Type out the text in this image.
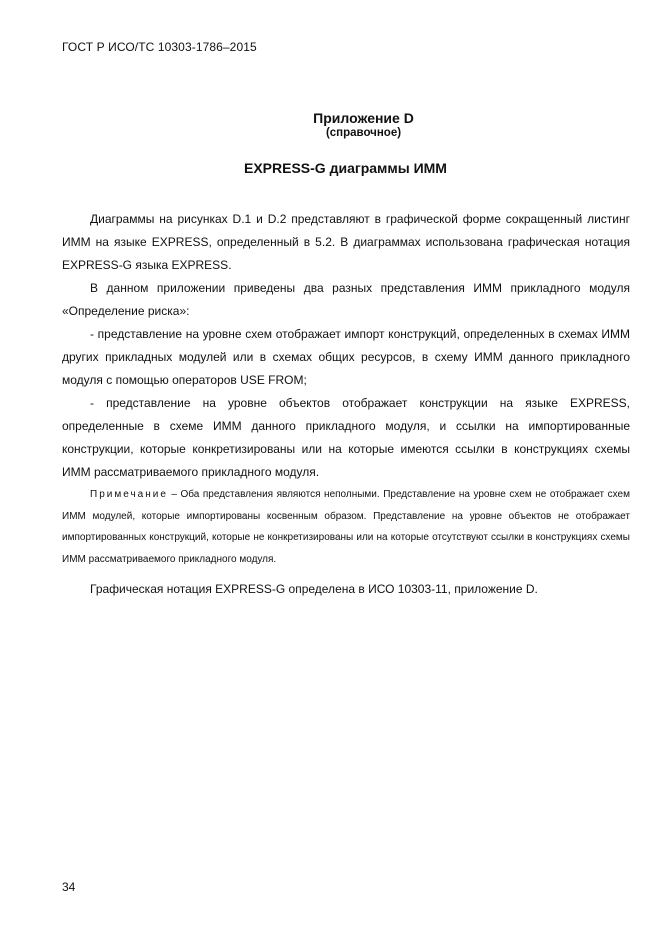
ГОСТ Р ИСО/ТС 10303-1786–2015
Приложение D
(справочное)
EXPRESS-G диаграммы ИММ

Диаграммы на рисунках D.1 и D.2 представляют в графической форме сокращенный листинг ИММ на языке EXPRESS, определенный в 5.2. В диаграммах использована графическая нотация EXPRESS-G языка EXPRESS.

В данном приложении приведены два разных представления ИММ прикладного модуля «Определение риска»:

- представление на уровне схем отображает импорт конструкций, определенных в схемах ИММ других прикладных модулей или в схемах общих ресурсов, в схему ИММ данного прикладного модуля с помощью операторов USE FROM;

- представление на уровне объектов отображает конструкции на языке EXPRESS, определенные в схеме ИММ данного прикладного модуля, и ссылки на импортированные конструкции, которые конкретизированы или на которые имеются ссылки в конструкциях схемы ИММ рассматриваемого прикладного модуля.

Примечание – Оба представления являются неполными. Представление на уровне схем не отображает схем ИММ модулей, которые импортированы косвенным образом. Представление на уровне объектов не отображает импортированных конструкций, которые не конкретизированы или на которые отсутствуют ссылки в конструкциях схемы ИММ рассматриваемого прикладного модуля.

Графическая нотация EXPRESS-G определена в ИСО 10303-11, приложение D.

34
